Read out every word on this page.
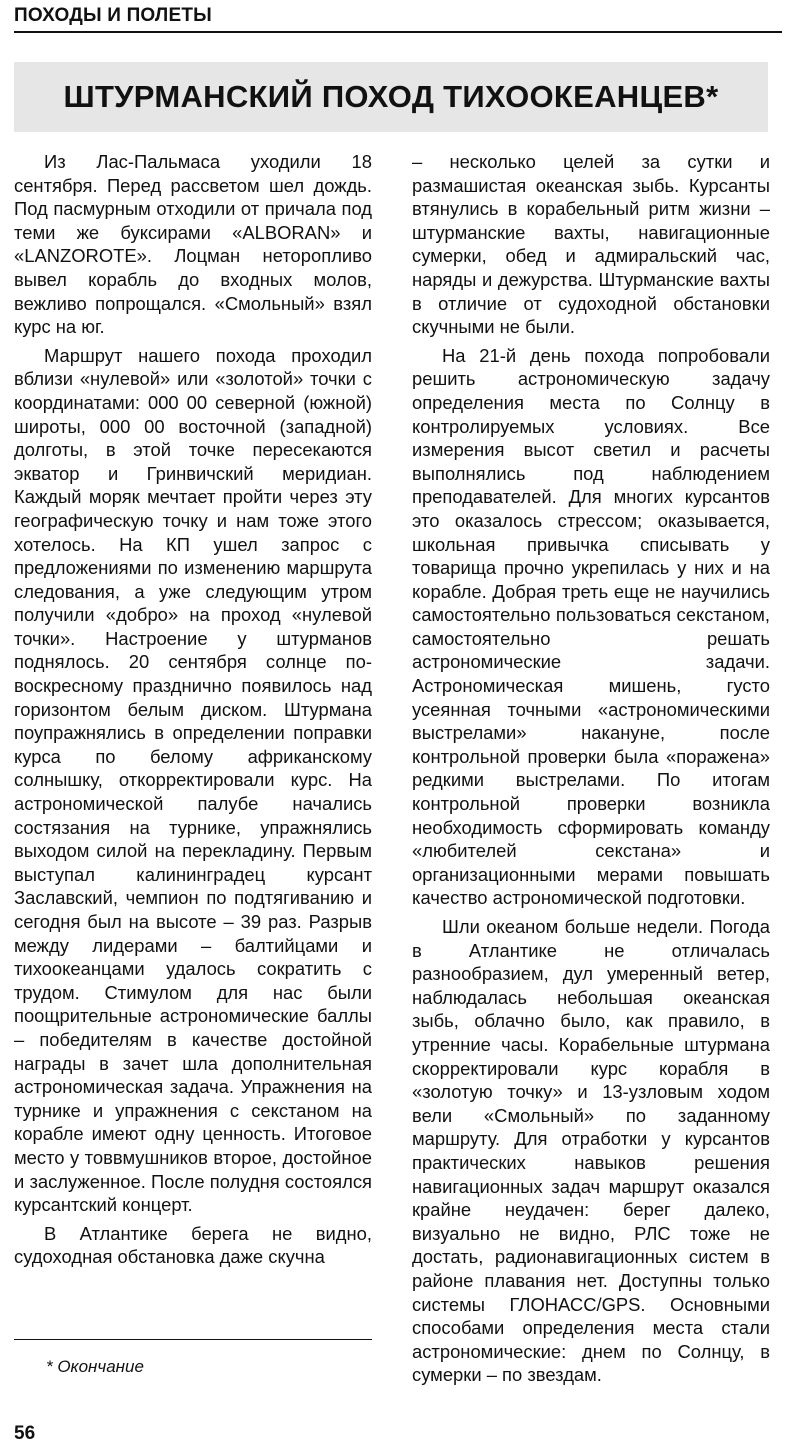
ПОХОДЫ И ПОЛЕТЫ
ШТУРМАНСКИЙ ПОХОД ТИХООКЕАНЦЕВ*

Из Лас-Пальмаса уходили 18 сентября. Перед рассветом шел дождь. Под пасмурным отходили от причала под теми же буксирами «ALBORAN» и «LANZOROTE». Лоцман неторопливо вывел корабль до входных молов, вежливо попрощался. «Смольный» взял курс на юг.

Маршрут нашего похода проходил вблизи «нулевой» или «золотой» точки с координатами: 000 00 северной (южной) широты, 000 00 восточной (западной) долготы, в этой точке пересекаются экватор и Гринвичский меридиан. Каждый моряк мечтает пройти через эту географическую точку и нам тоже этого хотелось. На КП ушел запрос с предложениями по изменению маршрута следования, а уже следующим утром получили «добро» на проход «нулевой точки». Настроение у штурманов поднялось. 20 сентября солнце по-воскресному празднично появилось над горизонтом белым диском. Штурмана поупражнялись в определении поправки курса по белому африканскому солнышку, откорректировали курс. На астрономической палубе начались состязания на турнике, упражнялись выходом силой на перекладину. Первым выступал калининградец курсант Заславский, чемпион по подтягиванию и сегодня был на высоте – 39 раз. Разрыв между лидерами – балтийцами и тихоокеанцами удалось сократить с трудом. Стимулом для нас были поощрительные астрономические баллы – победителям в качестве достойной награды в зачет шла дополнительная астрономическая задача. Упражнения на турнике и упражнения с секстаном на корабле имеют одну ценность. Итоговое место у товвмушников второе, достойное и заслуженное. После полудня состоялся курсантский концерт.

В Атлантике берега не видно, судоходная обстановка даже скучна

– несколько целей за сутки и размашистая океанская зыбь. Курсанты втянулись в корабельный ритм жизни – штурманские вахты, навигационные сумерки, обед и адмиральский час, наряды и дежурства. Штурманские вахты в отличие от судоходной обстановки скучными не были.

На 21-й день похода попробовали решить астрономическую задачу определения места по Солнцу в контролируемых условиях. Все измерения высот светил и расчеты выполнялись под наблюдением преподавателей. Для многих курсантов это оказалось стрессом; оказывается, школьная привычка списывать у товарища прочно укрепилась у них и на корабле. Добрая треть еще не научились самостоятельно пользоваться секстаном, самостоятельно решать астрономические задачи. Астрономическая мишень, густо усеянная точными «астрономическими выстрелами» накануне, после контрольной проверки была «поражена» редкими выстрелами. По итогам контрольной проверки возникла необходимость сформировать команду «любителей секстана» и организационными мерами повышать качество астрономической подготовки.

Шли океаном больше недели. Погода в Атлантике не отличалась разнообразием, дул умеренный ветер, наблюдалась небольшая океанская зыбь, облачно было, как правило, в утренние часы. Корабельные штурмана скорректировали курс корабля в «золотую точку» и 13-узловым ходом вели «Смольный» по заданному маршруту. Для отработки у курсантов практических навыков решения навигационных задач маршрут оказался крайне неудачен: берег далеко, визуально не видно, РЛС тоже не достать, радионавигационных систем в районе плавания нет. Доступны только системы ГЛОНАСС/GPS. Основными способами определения места стали астрономические: днем по Солнцу, в сумерки – по звездам.

* Окончание
56
